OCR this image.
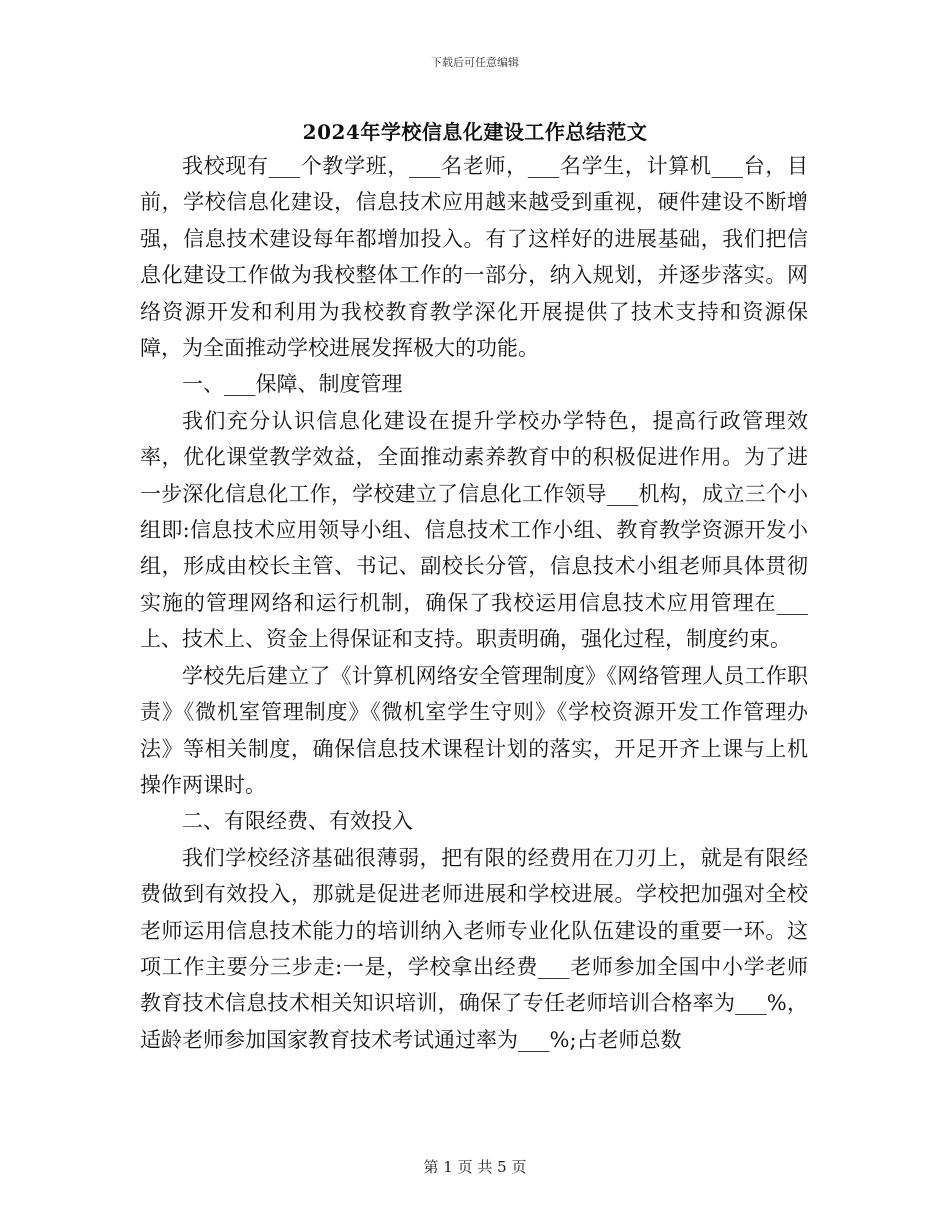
下载后可任意编辑
2024年学校信息化建设工作总结范文

我校现有___个教学班，___名老师，___名学生，计算机___台，目前，学校信息化建设，信息技术应用越来越受到重视，硬件建设不断增强，信息技术建设每年都增加投入。有了这样好的进展基础，我们把信息化建设工作做为我校整体工作的一部分，纳入规划，并逐步落实。网络资源开发和利用为我校教育教学深化开展提供了技术支持和资源保障，为全面推动学校进展发挥极大的功能。

一、___保障、制度管理

我们充分认识信息化建设在提升学校办学特色，提高行政管理效率，优化课堂教学效益，全面推动素养教育中的积极促进作用。为了进一步深化信息化工作，学校建立了信息化工作领导___机构，成立三个小组即:信息技术应用领导小组、信息技术工作小组、教育教学资源开发小组，形成由校长主管、书记、副校长分管，信息技术小组老师具体贯彻实施的管理网络和运行机制，确保了我校运用信息技术应用管理在___上、技术上、资金上得保证和支持。职责明确，强化过程，制度约束。

学校先后建立了《计算机网络安全管理制度》《网络管理人员工作职责》《微机室管理制度》《微机室学生守则》《学校资源开发工作管理办法》等相关制度，确保信息技术课程计划的落实，开足开齐上课与上机操作两课时。

二、有限经费、有效投入

我们学校经济基础很薄弱，把有限的经费用在刀刃上，就是有限经费做到有效投入，那就是促进老师进展和学校进展。学校把加强对全校老师运用信息技术能力的培训纳入老师专业化队伍建设的重要一环。这项工作主要分三步走:一是，学校拿出经费___老师参加全国中小学老师教育技术信息技术相关知识培训，确保了专任老师培训合格率为___%，适龄老师参加国家教育技术考试通过率为___%;占老师总数

第 1 页 共 5 页
